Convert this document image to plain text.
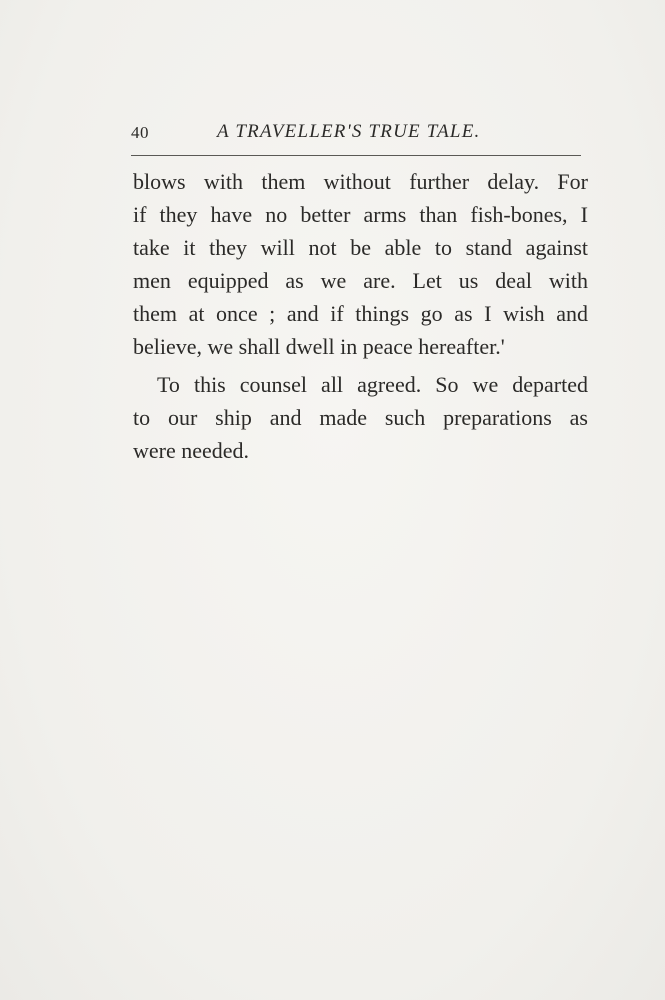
40	A TRAVELLER'S TRUE TALE.
blows with them without further delay. For
if they have no better arms than fish-bones, I
take it they will not be able to stand against
men equipped as we are. Let us deal with
them at once ; and if things go as I wish and
believe, we shall dwell in peace hereafter.'
To this counsel all agreed. So we departed
to our ship and made such preparations as
were needed.
